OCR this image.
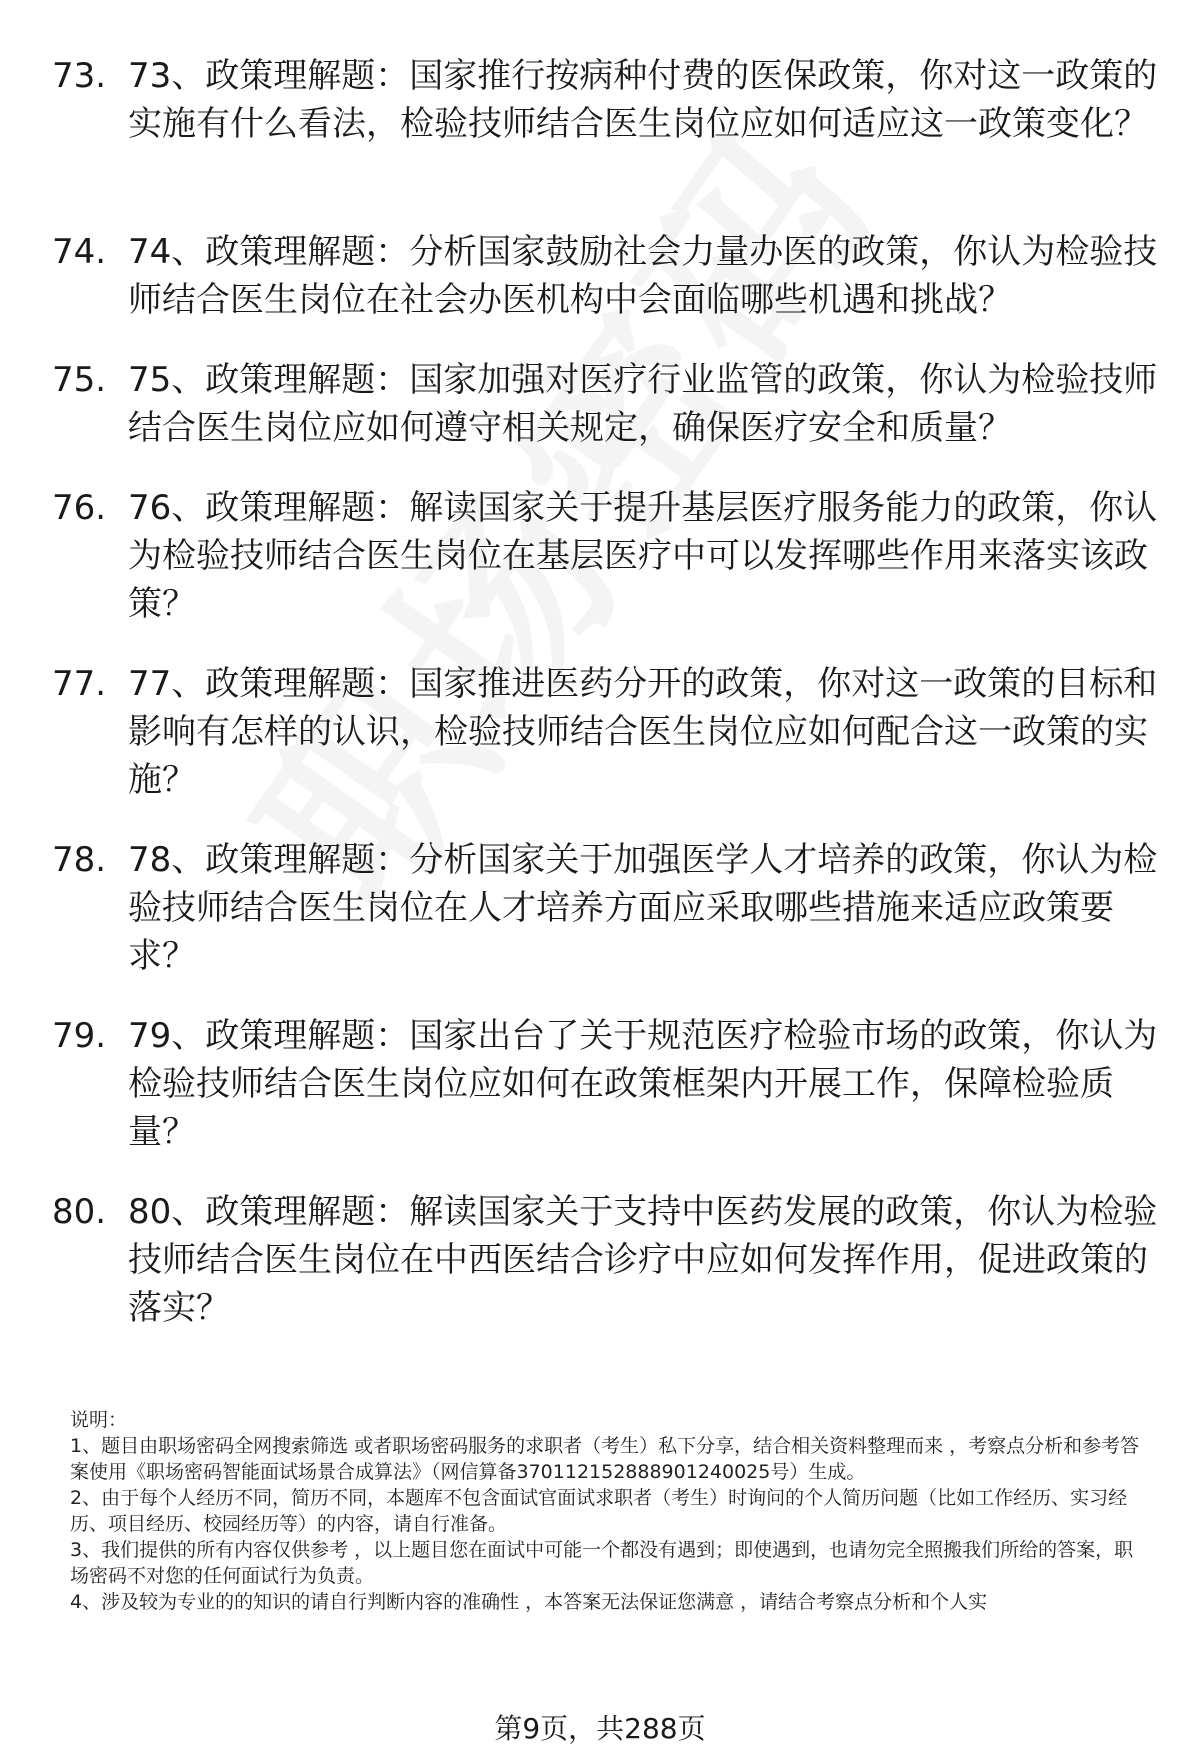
73. 73、政策理解题：国家推行按病种付费的医保政策，你对这一政策的实施有什么看法，检验技师结合医生岗位应如何适应这一政策变化？
74. 74、政策理解题：分析国家鼓励社会力量办医的政策，你认为检验技师结合医生岗位在社会办医机构中会面临哪些机遇和挑战？
75. 75、政策理解题：国家加强对医疗行业监管的政策，你认为检验技师结合医生岗位应如何遵守相关规定，确保医疗安全和质量？
76. 76、政策理解题：解读国家关于提升基层医疗服务能力的政策，你认为检验技师结合医生岗位在基层医疗中可以发挥哪些作用来落实该政策？
77. 77、政策理解题：国家推进医药分开的政策，你对这一政策的目标和影响有怎样的认识，检验技师结合医生岗位应如何配合这一政策的实施？
78. 78、政策理解题：分析国家关于加强医学人才培养的政策，你认为检验技师结合医生岗位在人才培养方面应采取哪些措施来适应政策要求？
79. 79、政策理解题：国家出台了关于规范医疗检验市场的政策，你认为检验技师结合医生岗位应如何在政策框架内开展工作，保障检验质量？
80. 80、政策理解题：解读国家关于支持中医药发展的政策，你认为检验技师结合医生岗位在中西医结合诊疗中应如何发挥作用，促进政策的落实？

说明：

1、题目由职场密码全网搜索筛选 或者职场密码服务的求职者（考生）私下分享，结合相关资料整理而来 ，考察点分析和参考答案使用《职场密码智能面试场景合成算法》（网信算备370112152888901240025号）生成。

2、由于每个人经历不同，简历不同，本题库不包含面试官面试求职者（考生）时询问的个人简历问题（比如工作经历、实习经历、项目经历、校园经历等）的内容，请自行准备。

3、我们提供的所有内容仅供参考 ，以上题目您在面试中可能一个都没有遇到；即使遇到，也请勿完全照搬我们所给的答案，职场密码不对您的任何面试行为负责。

4、涉及较为专业的的知识的请自行判断内容的准确性 ，本答案无法保证您满意 ，请结合考察点分析和个人实

第9页，共288页
